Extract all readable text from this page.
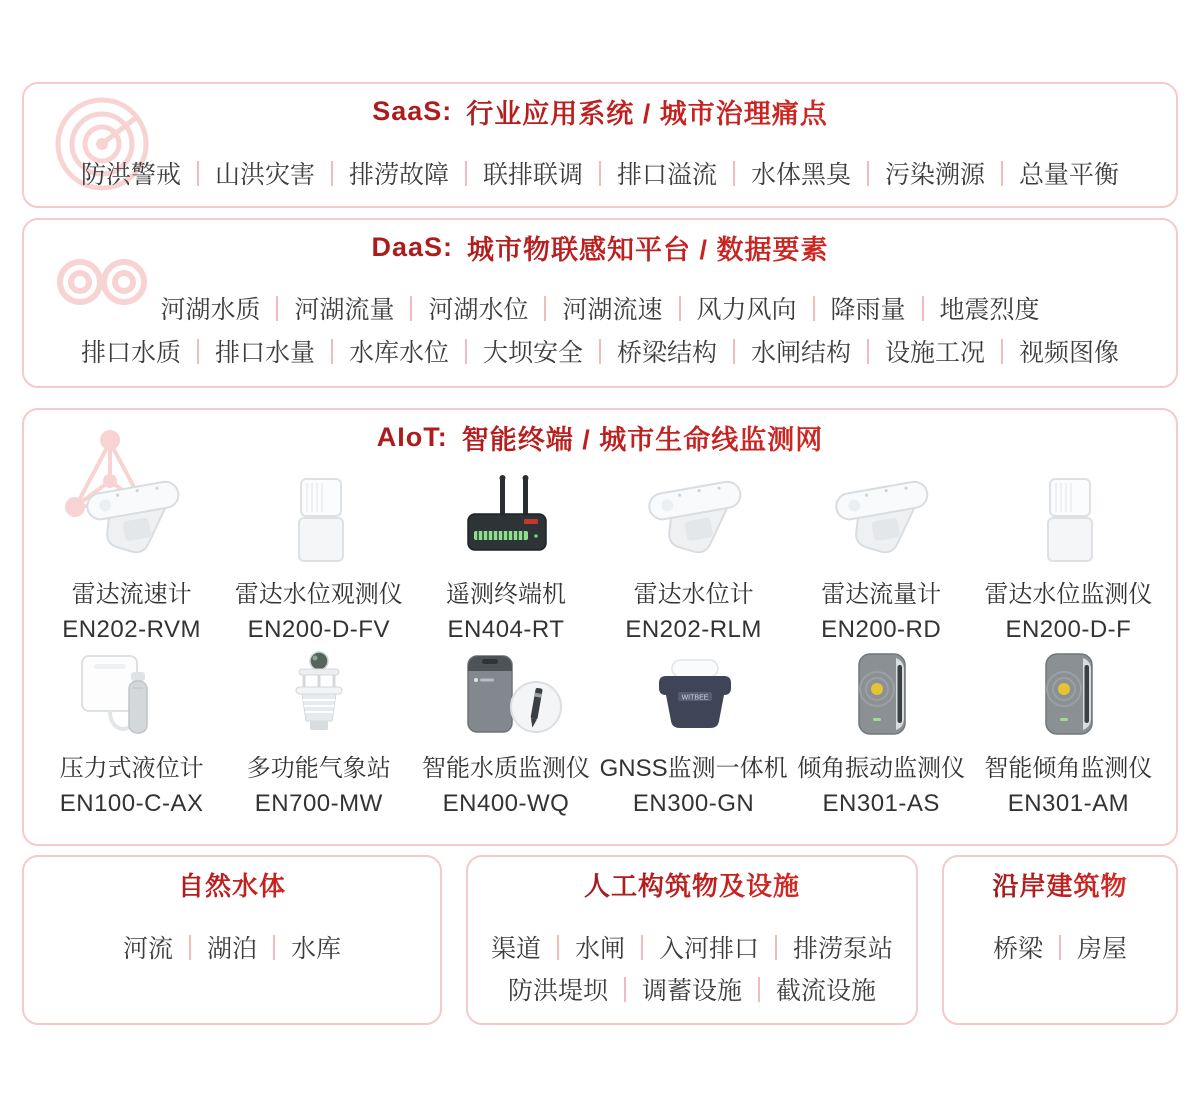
SaaS: 行业应用系统 / 城市治理痛点
防洪警戒 山洪灾害 排涝故障 联排联调 排口溢流 水体黑臭 污染溯源 总量平衡
DaaS: 城市物联感知平台 / 数据要素
河湖水质 河湖流量 河湖水位 河湖流速 风力风向 降雨量 地震烈度
排口水质 排口水量 水库水位 大坝安全 桥梁结构 水闸结构 设施工况 视频图像
AIoT: 智能终端 / 城市生命线监测网
雷达流速计
EN202-RVM
雷达水位观测仪
EN200-D-FV
遥测终端机
EN404-RT
雷达水位计
EN202-RLM
雷达流量计
EN200-RD
雷达水位监测仪
EN200-D-F
压力式液位计
EN100-C-AX
多功能气象站
EN700-MW
智能水质监测仪
EN400-WQ
WITBEE
GNSS监测一体机
EN300-GN
倾角振动监测仪
EN301-AS
智能倾角监测仪
EN301-AM
自然水体
河流 湖泊 水库
人工构筑物及设施
渠道 水闸 入河排口 排涝泵站
防洪堤坝 调蓄设施 截流设施
沿岸建筑物
桥梁 房屋
